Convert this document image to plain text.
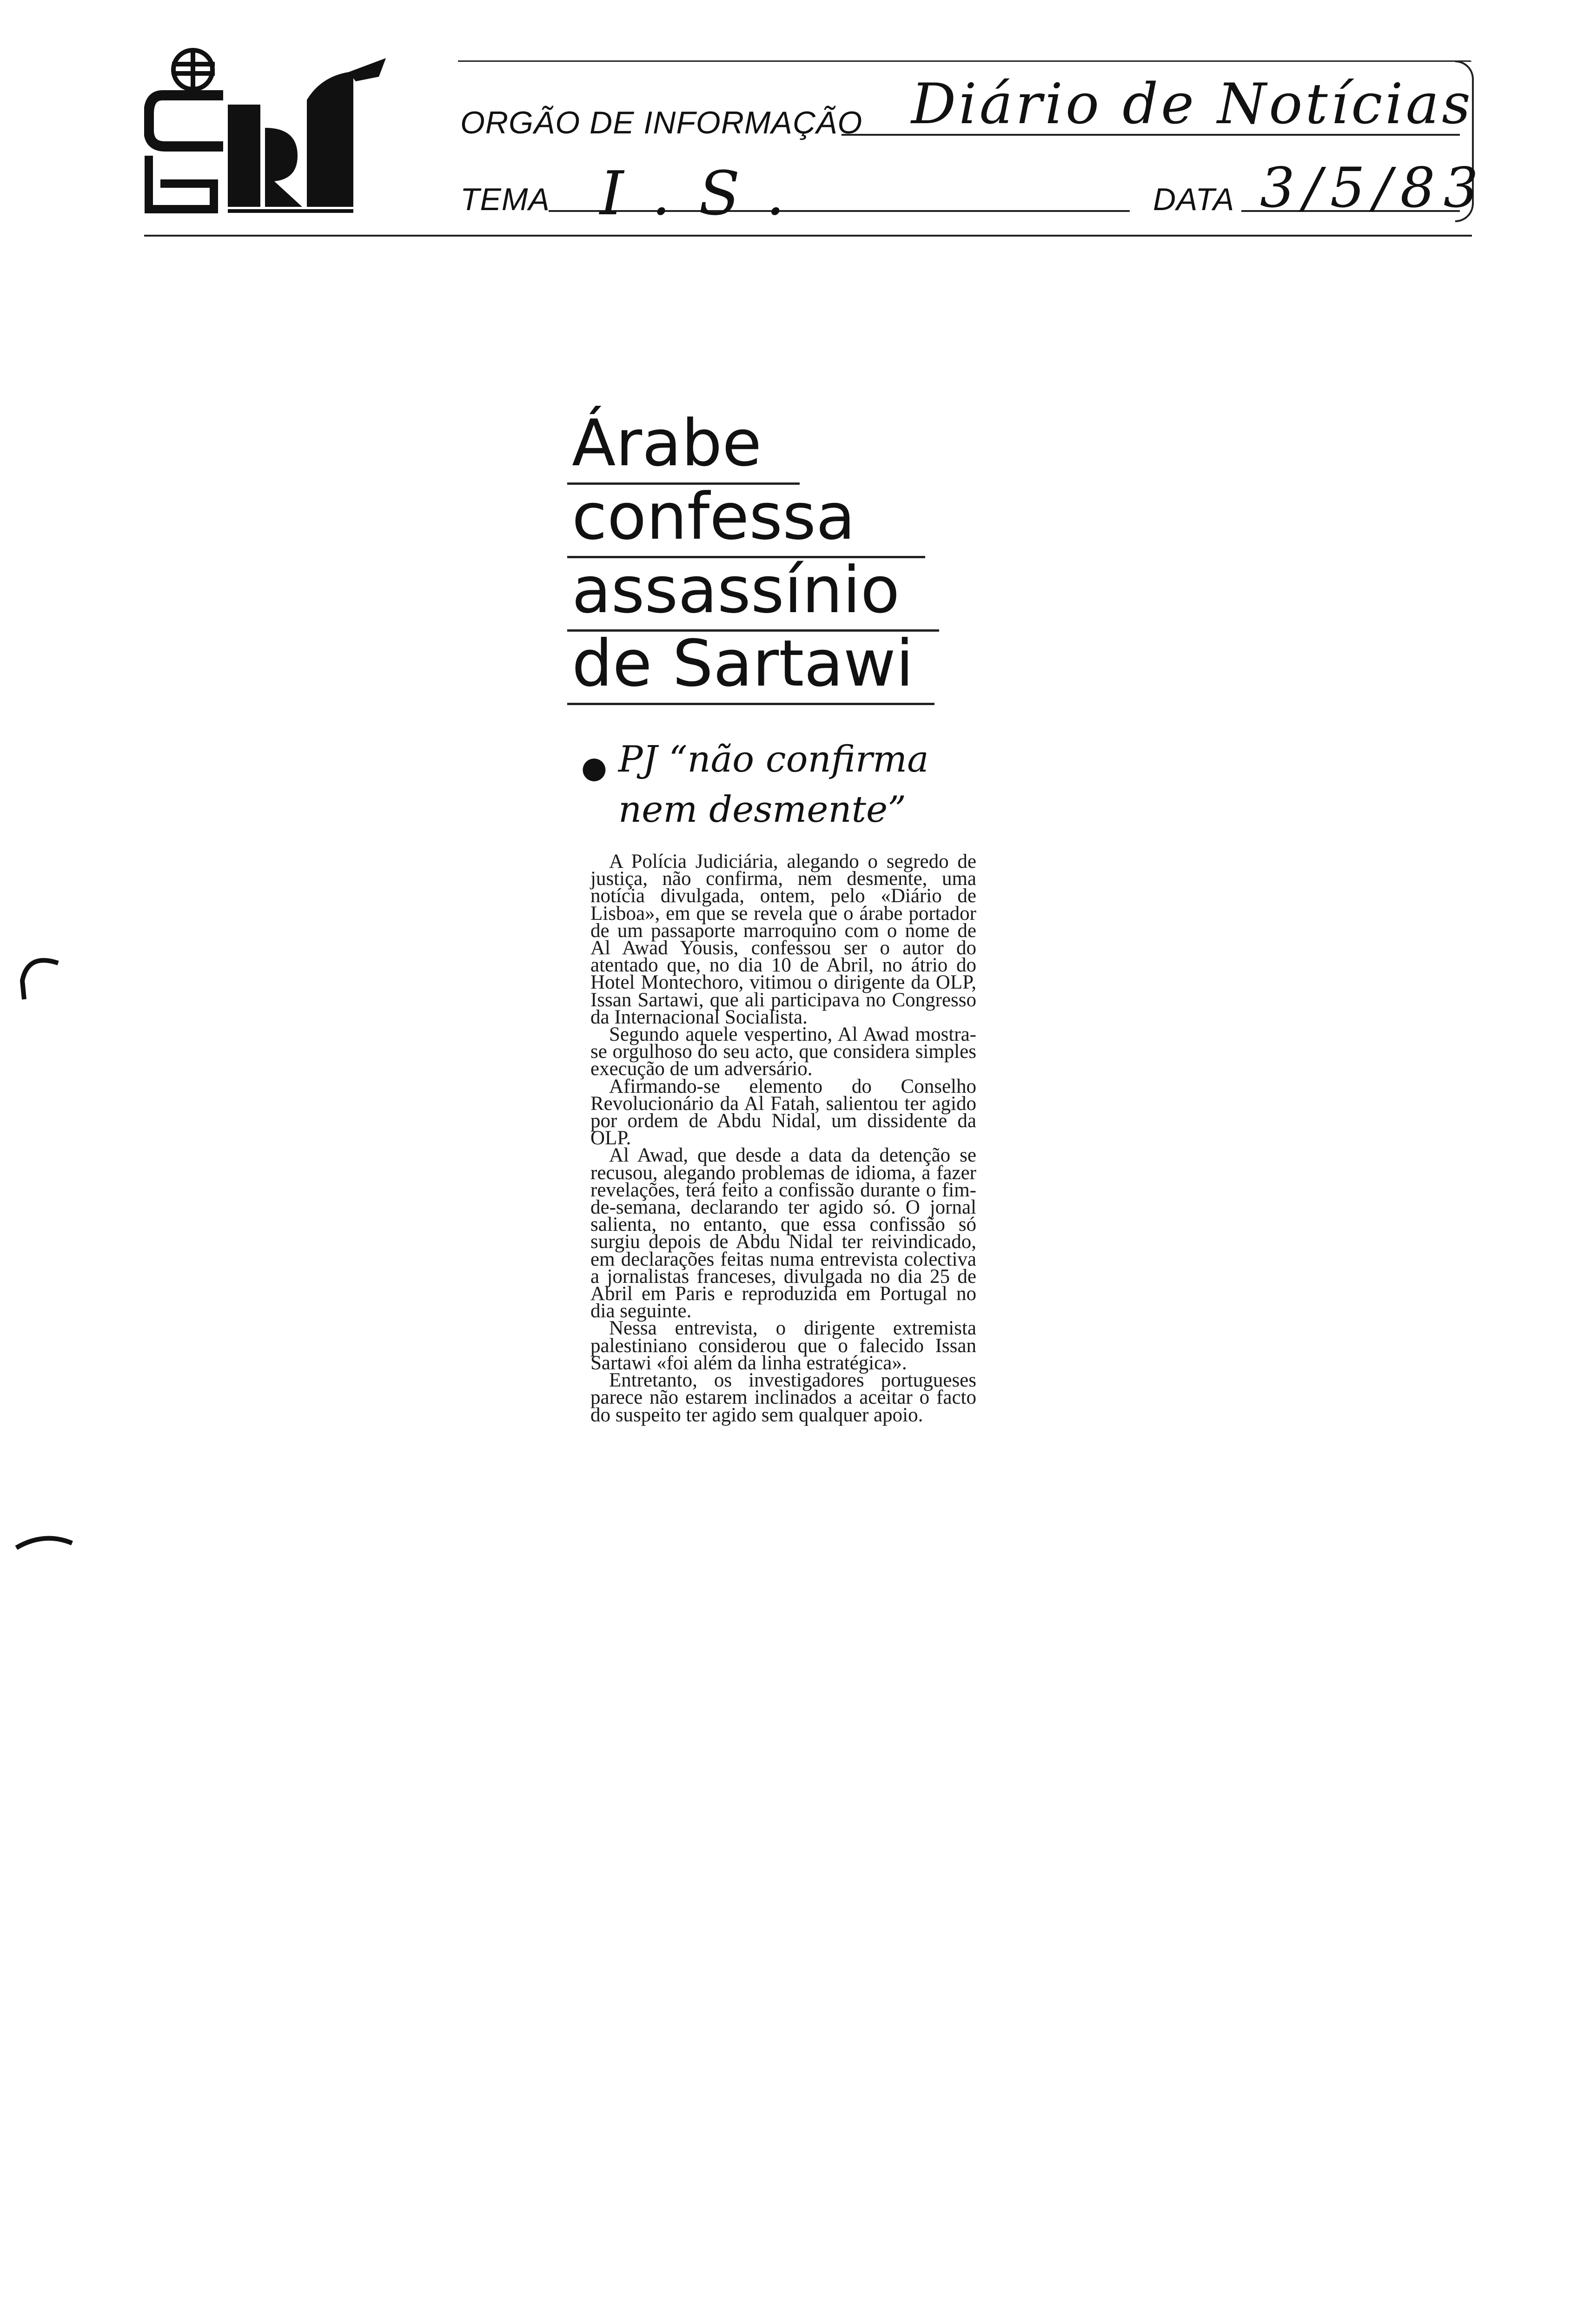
ORGÃO DE INFORMAÇÃO Diário de Notícias
TEMA I.S.	DATA 3/5/83
Árabe
confessa
assassínio
de Sartawi
● PJ “não confirma
nem desmente”

A Polícia Judiciária, alegando o segredo de justiça, não confirma, nem desmente, uma notícia divulgada, ontem, pelo «Diário de Lisboa», em que se revela que o árabe portador de um passaporte marroquino com o nome de Al Awad Yousis, confessou ser o autor do atentado que, no dia 10 de Abril, no átrio do Hotel Montechoro, vitimou o dirigente da OLP, Issan Sartawi, que ali participava no Congresso da Internacional Socialista.

Segundo aquele vespertino, Al Awad mostra-se orgulhoso do seu acto, que considera simples execução de um adversário.

Afirmando-se elemento do Conselho Revolucionário da Al Fatah, salientou ter agido por ordem de Abdu Nidal, um dissidente da OLP.

Al Awad, que desde a data da detenção se recusou, alegando problemas de idioma, a fazer revelações, terá feito a confissão durante o fim-de-semana, declarando ter agido só. O jornal salienta, no entanto, que essa confissão só surgiu depois de Abdu Nidal ter reivindicado, em declarações feitas numa entrevista colectiva a jornalistas franceses, divulgada no dia 25 de Abril em Paris e reproduzida em Portugal no dia seguinte.

Nessa entrevista, o dirigente extremista palestiniano considerou que o falecido Issan Sartawi «foi além da linha estratégica».

Entretanto, os investigadores portugueses parece não estarem inclinados a aceitar o facto do suspeito ter agido sem qualquer apoio.
